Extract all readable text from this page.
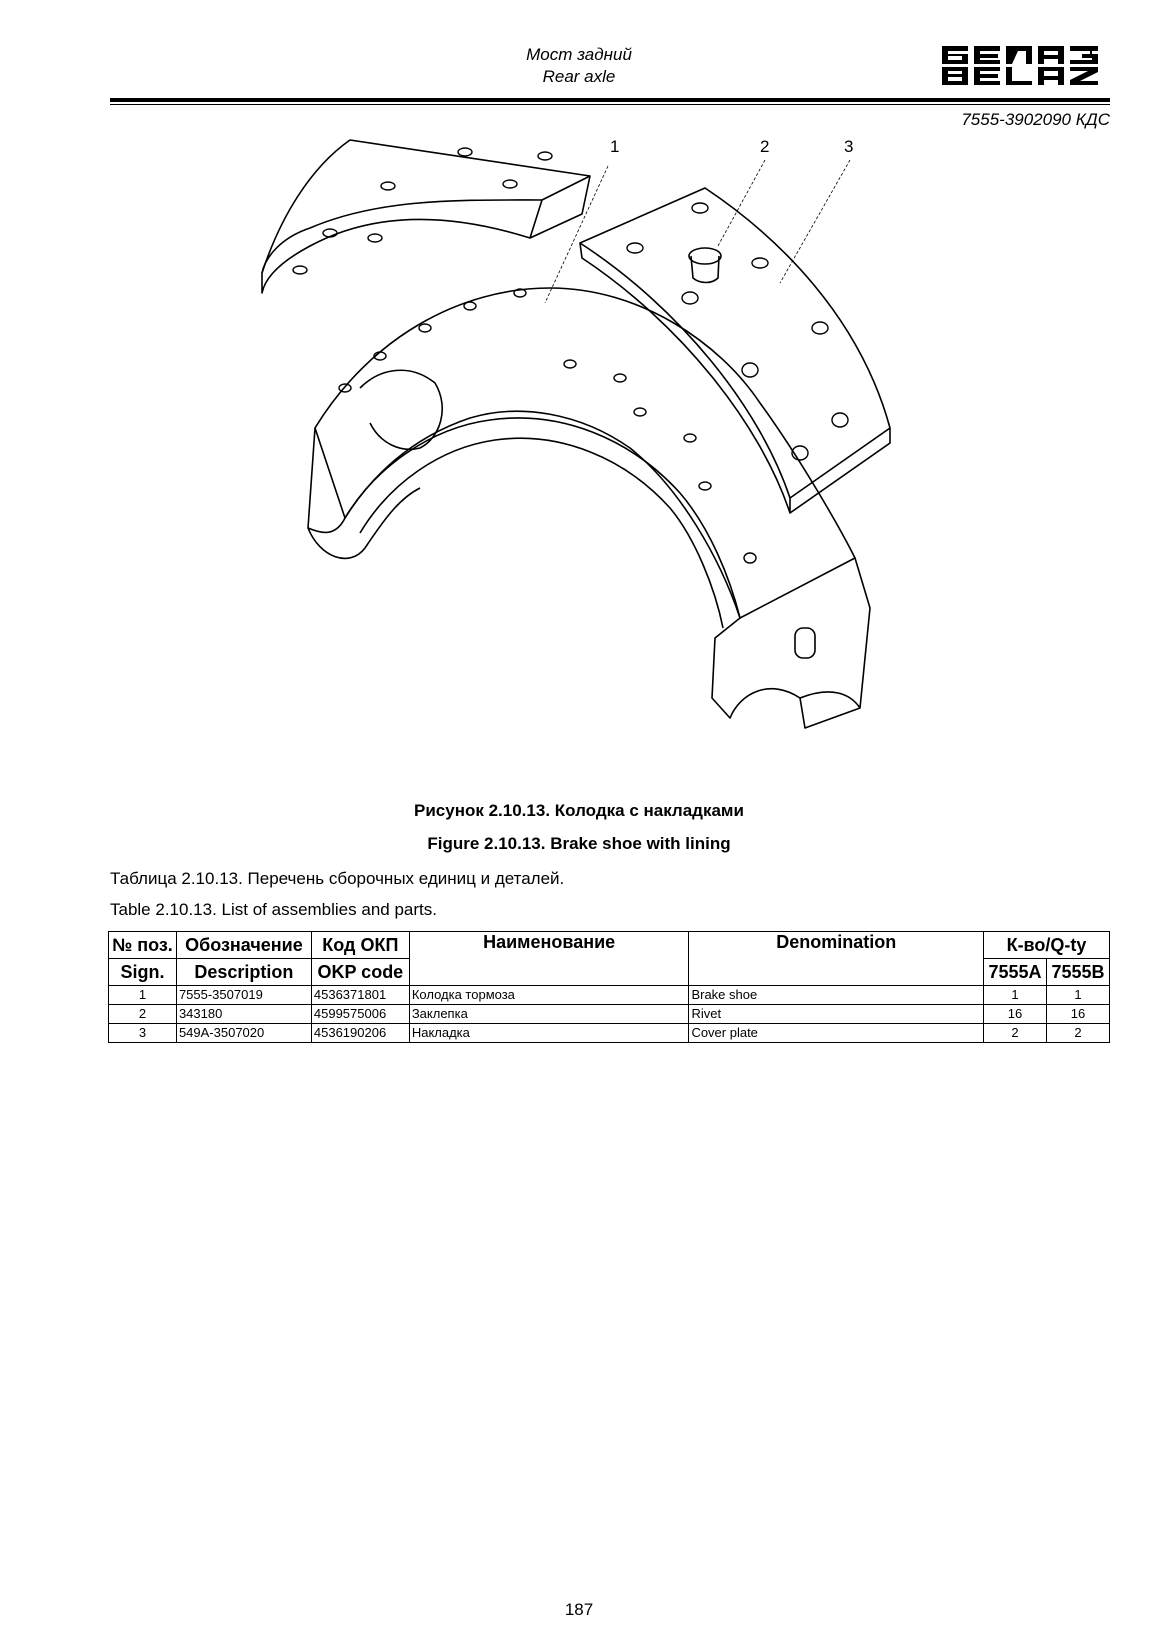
Мост задний
Rear axle
7555-3902090 КДС
1	2	3
Рисунок 2.10.13. Колодка с накладками
Figure 2.10.13. Brake shoe with lining
Таблица 2.10.13. Перечень сборочных единиц и деталей.
Table 2.10.13. List of assemblies and parts.
№ поз.	Обозначение	Код ОКП	Наименование	Denomination	К-во/Q-ty	
Sign.	Description	OKP code			7555A	7555B
1	7555-3507019	4536371801	Колодка тормоза	Brake shoe	1	1
2	343180	4599575006	Заклепка	Rivet	16	16
3	549A-3507020	4536190206	Накладка	Cover plate	2	2
187
